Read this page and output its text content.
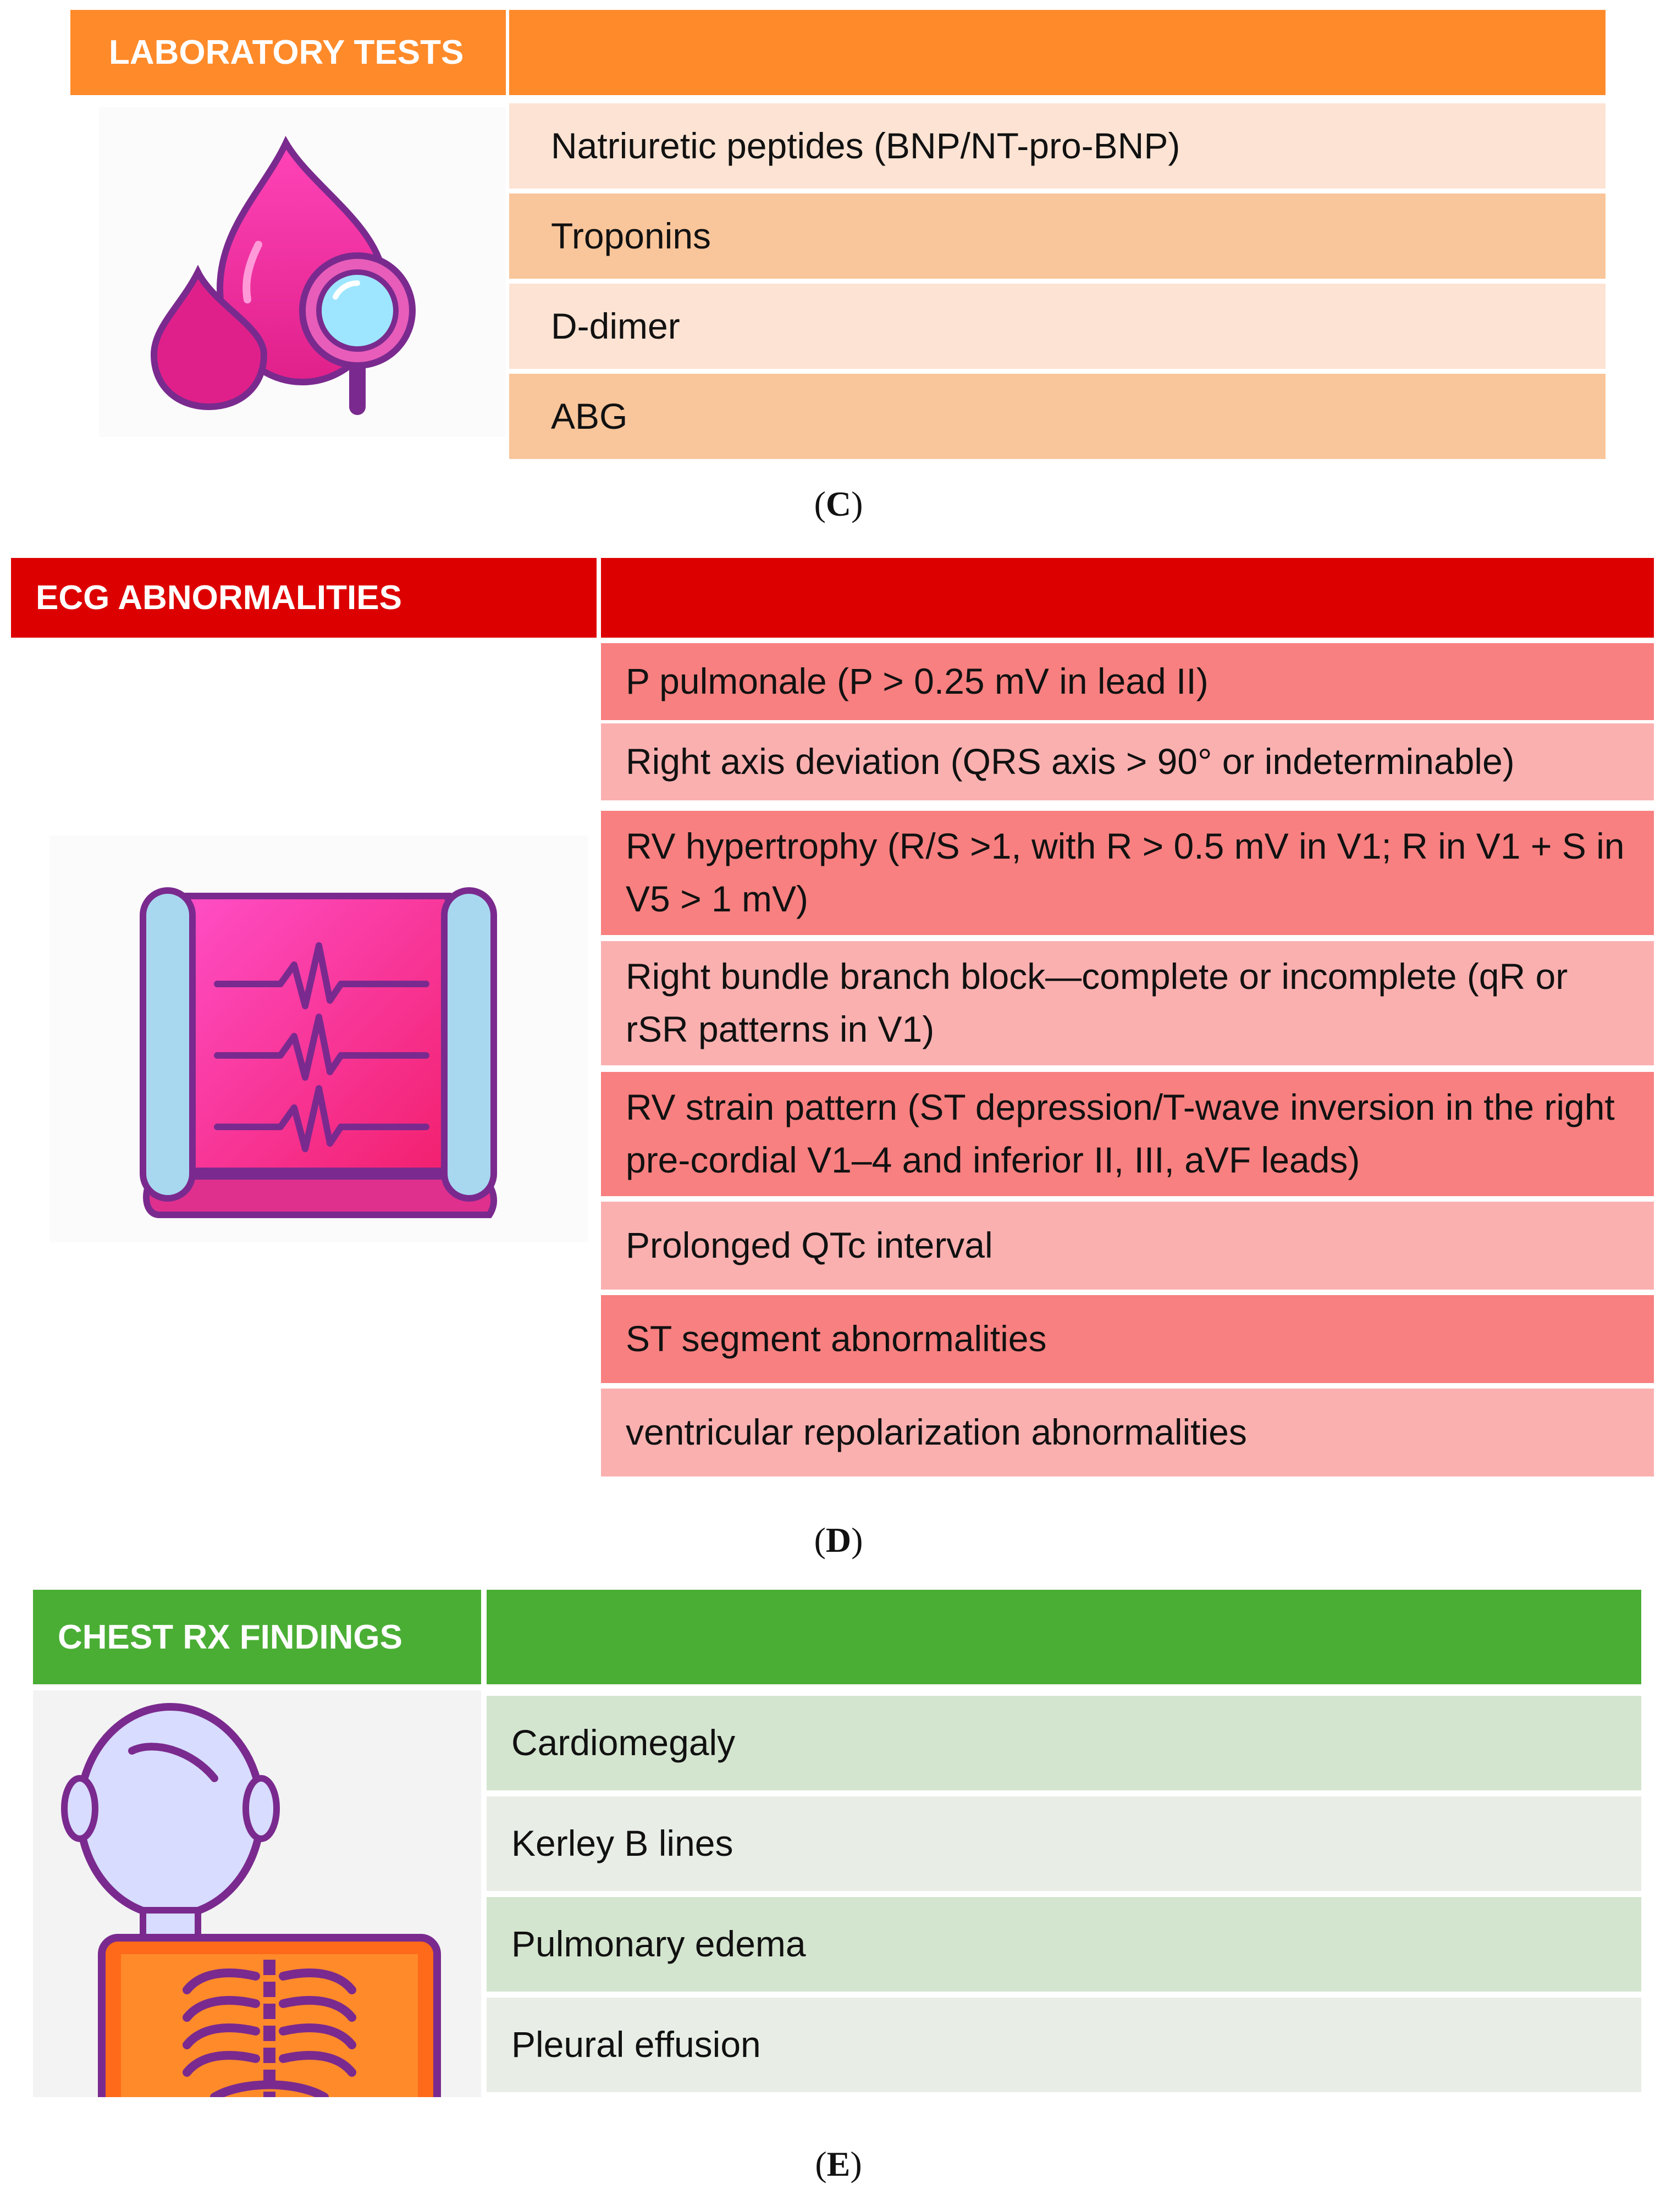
LABORATORY TESTS
Natriuretic peptides (BNP/NT-pro-BNP)
Troponins
D-dimer
ABG
(C)
ECG ABNORMALITIES
P pulmonale (P > 0.25 mV in lead II)
Right axis deviation (QRS axis > 90° or indeterminable)
RV hypertrophy (R/S >1, with R > 0.5 mV in V1; R in V1 + S in V5 > 1 mV)
Right bundle branch block—complete or incomplete (qR or rSR patterns in V1)
RV strain pattern (ST depression/T-wave inversion in the right pre-cordial V1–4 and inferior II, III, aVF leads)
Prolonged QTc interval
ST segment abnormalities
ventricular repolarization abnormalities
(D)
CHEST RX FINDINGS
Cardiomegaly
Kerley B lines
Pulmonary edema
Pleural effusion
(E)
